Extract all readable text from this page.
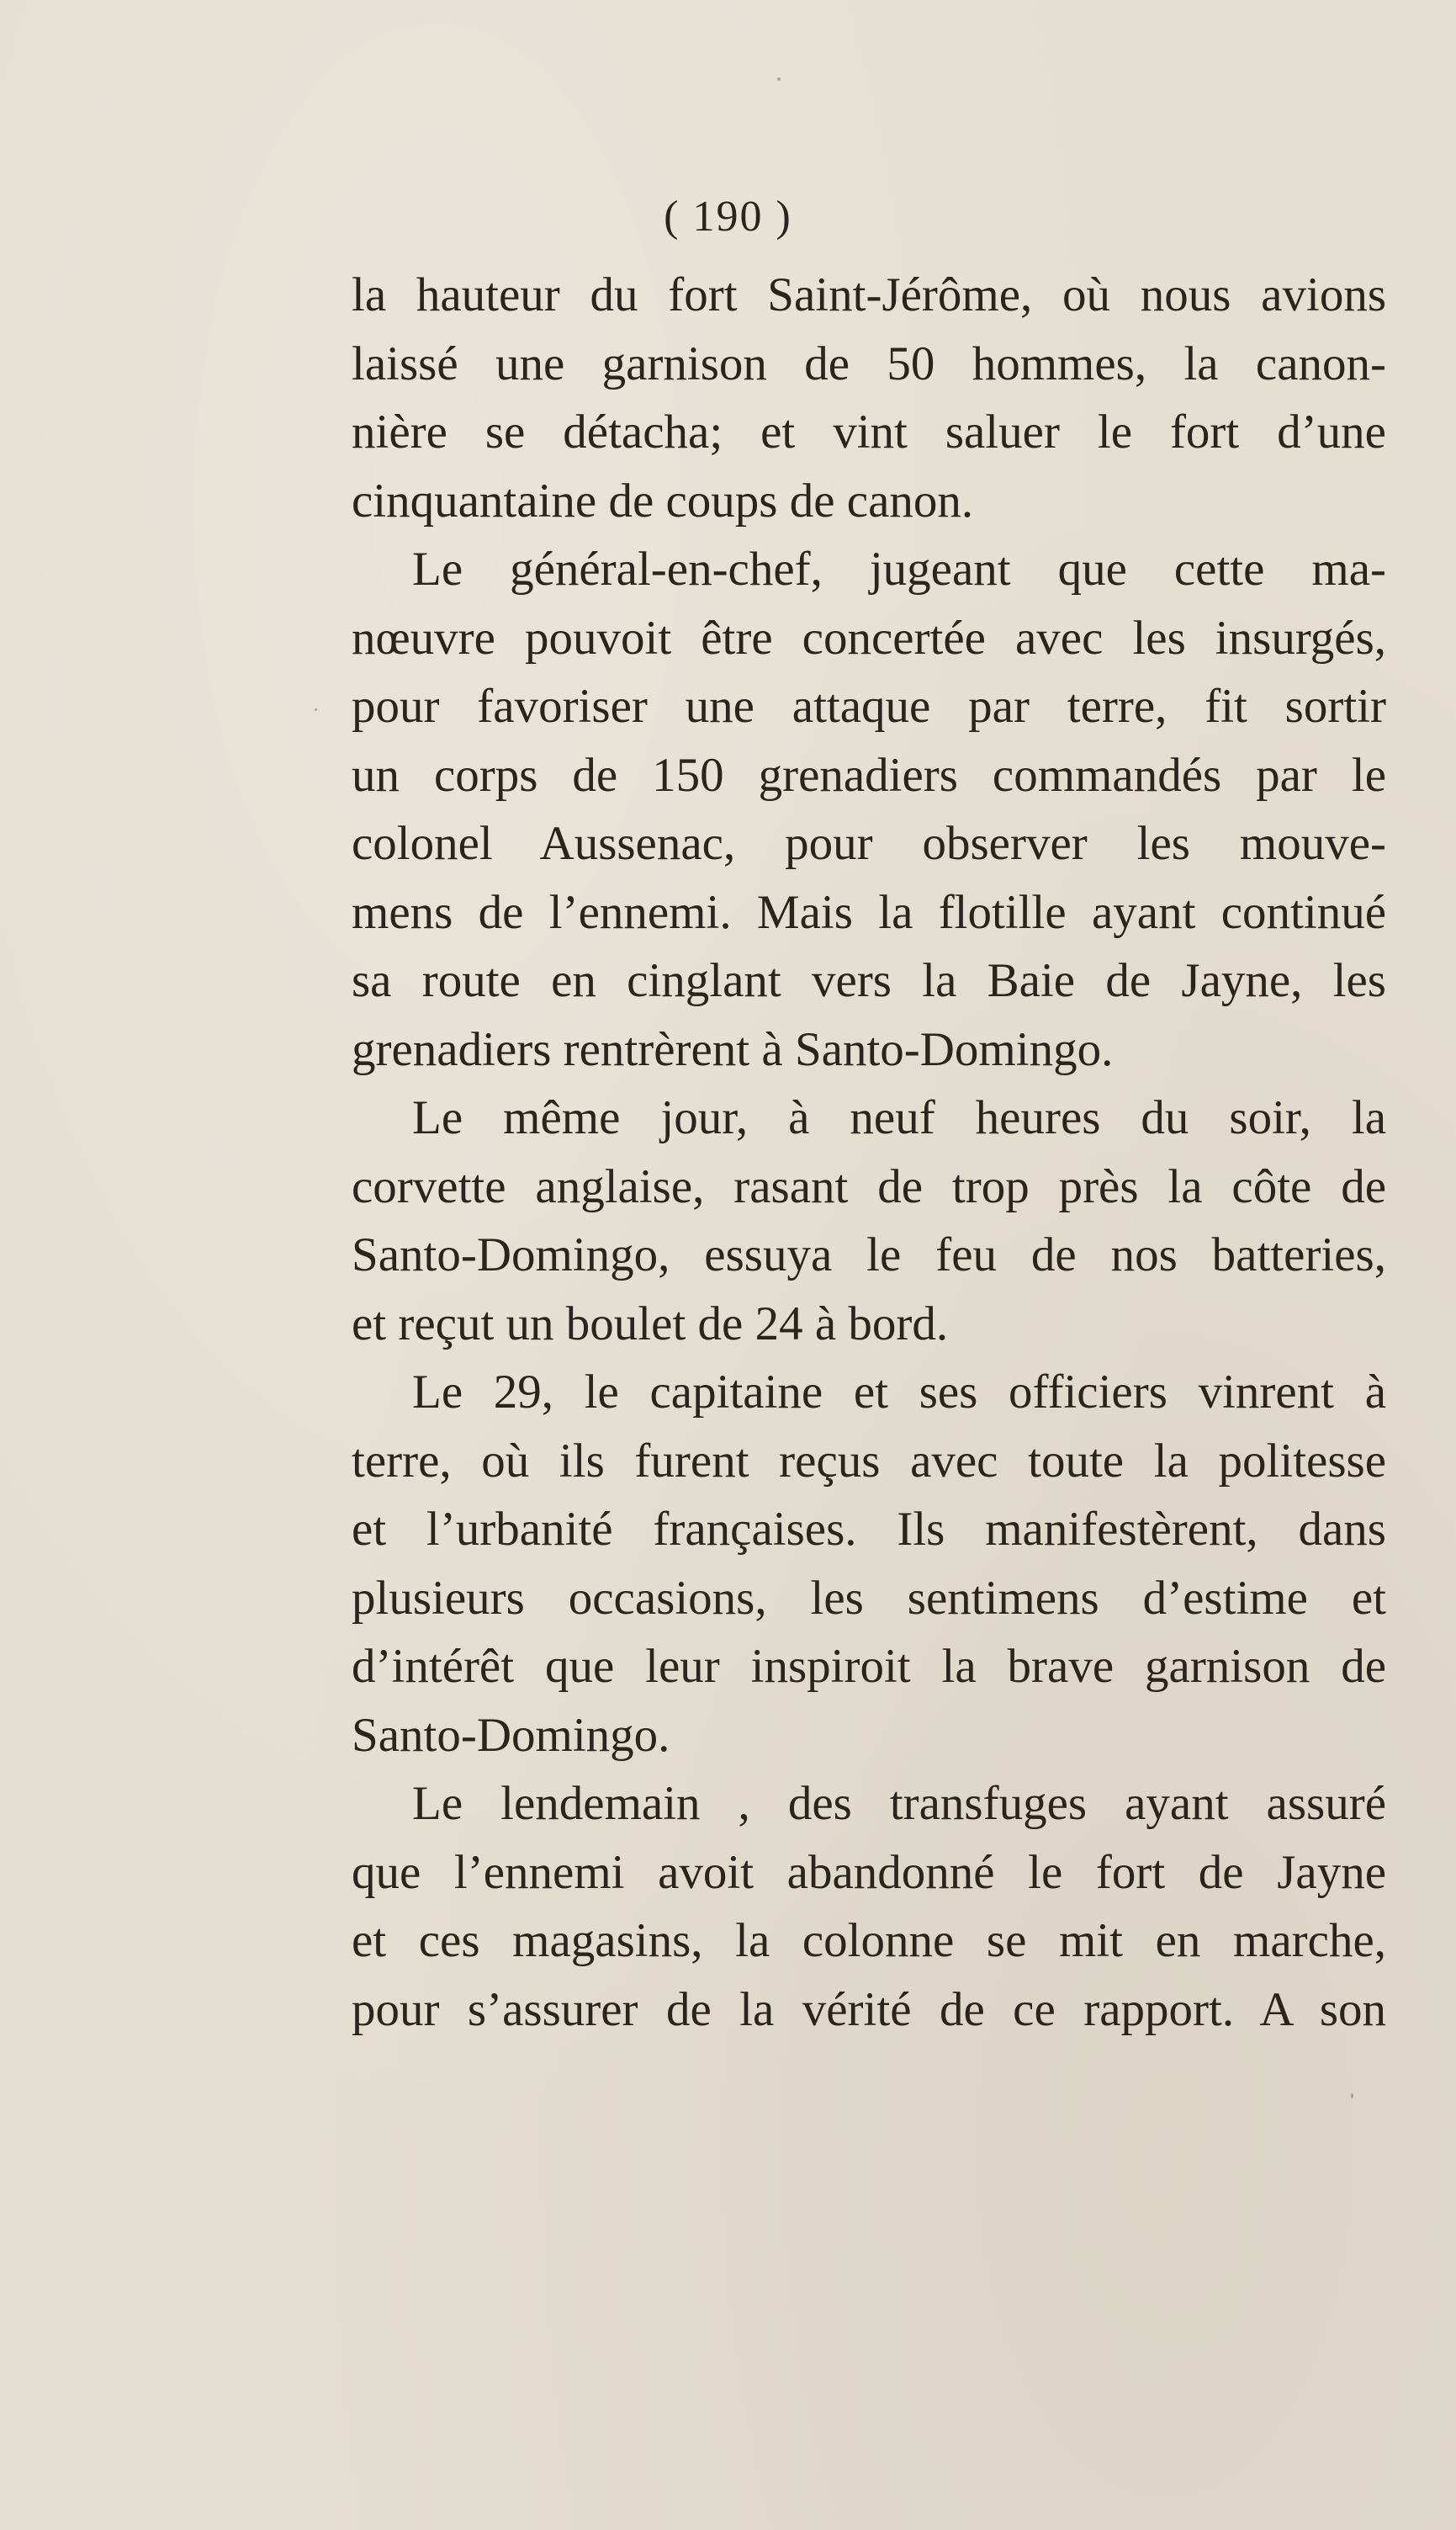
( 190 )
la hauteur du fort Saint-Jérôme, où nous avions
laissé une garnison de 50 hommes, la canon-
nière se détacha; et vint saluer le fort d’une
cinquantaine de coups de canon.
Le général-en-chef, jugeant que cette ma-
nœuvre pouvoit être concertée avec les insurgés,
pour favoriser une attaque par terre, fit sortir
un corps de 150 grenadiers commandés par le
colonel Aussenac, pour observer les mouve-
mens de l’ennemi. Mais la flotille ayant continué
sa route en cinglant vers la Baie de Jayne, les
grenadiers rentrèrent à Santo-Domingo.
Le même jour, à neuf heures du soir, la
corvette anglaise, rasant de trop près la côte de
Santo-Domingo, essuya le feu de nos batteries,
et reçut un boulet de 24 à bord.
Le 29, le capitaine et ses officiers vinrent à
terre, où ils furent reçus avec toute la politesse
et l’urbanité françaises. Ils manifestèrent, dans
plusieurs occasions, les sentimens d’estime et
d’intérêt que leur inspiroit la brave garnison de
Santo-Domingo.
Le lendemain , des transfuges ayant assuré
que l’ennemi avoit abandonné le fort de Jayne
et ces magasins, la colonne se mit en marche,
pour s’assurer de la vérité de ce rapport. A son
